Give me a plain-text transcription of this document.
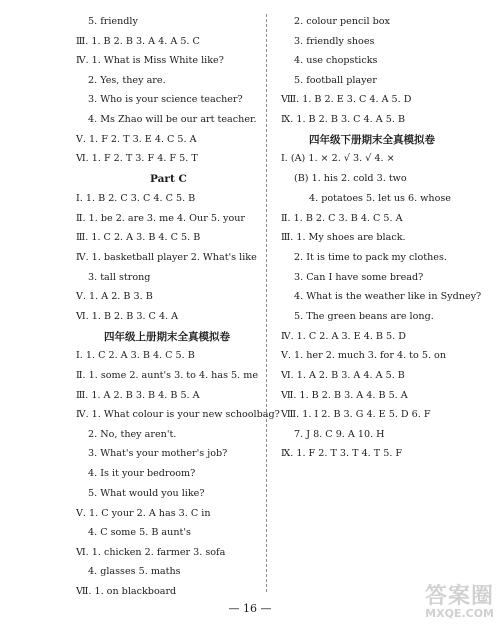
— 16 —	答案圈
MXQE.COM
5. friendly
Ⅲ. 1. B 2. B 3. A 4. A 5. C
Ⅳ. 1. What is Miss White like?
2. Yes, they are.
3. Who is your science teacher?
4. Ms Zhao will be our art teacher.
Ⅴ. 1. F 2. T 3. E 4. C 5. A
Ⅵ. 1. F 2. T 3. F 4. F 5. T
Part C
Ⅰ. 1. B 2. C 3. C 4. C 5. B
Ⅱ. 1. be 2. are 3. me 4. Our 5. your
Ⅲ. 1. C 2. A 3. B 4. C 5. B
Ⅳ. 1. basketball player 2. What's like
3. tall strong
Ⅴ. 1. A 2. B 3. B
Ⅵ. 1. B 2. B 3. C 4. A
四年级上册期末全真模拟卷
Ⅰ. 1. C 2. A 3. B 4. C 5. B
Ⅱ. 1. some 2. aunt's 3. to 4. has 5. me
Ⅲ. 1. A 2. B 3. B 4. B 5. A
Ⅳ. 1. What colour is your new schoolbag?
2. No, they aren't.
3. What's your mother's job?
4. Is it your bedroom?
5. What would you like?
Ⅴ. 1. C your 2. A has 3. C in
4. C some 5. B aunt's
Ⅵ. 1. chicken 2. farmer 3. sofa
4. glasses 5. maths
Ⅶ. 1. on blackboard
2. colour pencil box
3. friendly shoes
4. use chopsticks
5. football player
Ⅷ. 1. B 2. E 3. C 4. A 5. D
Ⅸ. 1. B 2. B 3. C 4. A 5. B
四年级下册期末全真模拟卷
Ⅰ. (A) 1. × 2. √ 3. √ 4. ×
(B) 1. his 2. cold 3. two
4. potatoes 5. let us 6. whose
Ⅱ. 1. B 2. C 3. B 4. C 5. A
Ⅲ. 1. My shoes are black.
2. It is time to pack my clothes.
3. Can I have some bread?
4. What is the weather like in Sydney?
5. The green beans are long.
Ⅳ. 1. C 2. A 3. E 4. B 5. D
Ⅴ. 1. her 2. much 3. for 4. to 5. on
Ⅵ. 1. A 2. B 3. A 4. A 5. B
Ⅶ. 1. B 2. B 3. A 4. B 5. A
Ⅷ. 1. I 2. B 3. G 4. E 5. D 6. F
7. J 8. C 9. A 10. H
Ⅸ. 1. F 2. T 3. T 4. T 5. F
